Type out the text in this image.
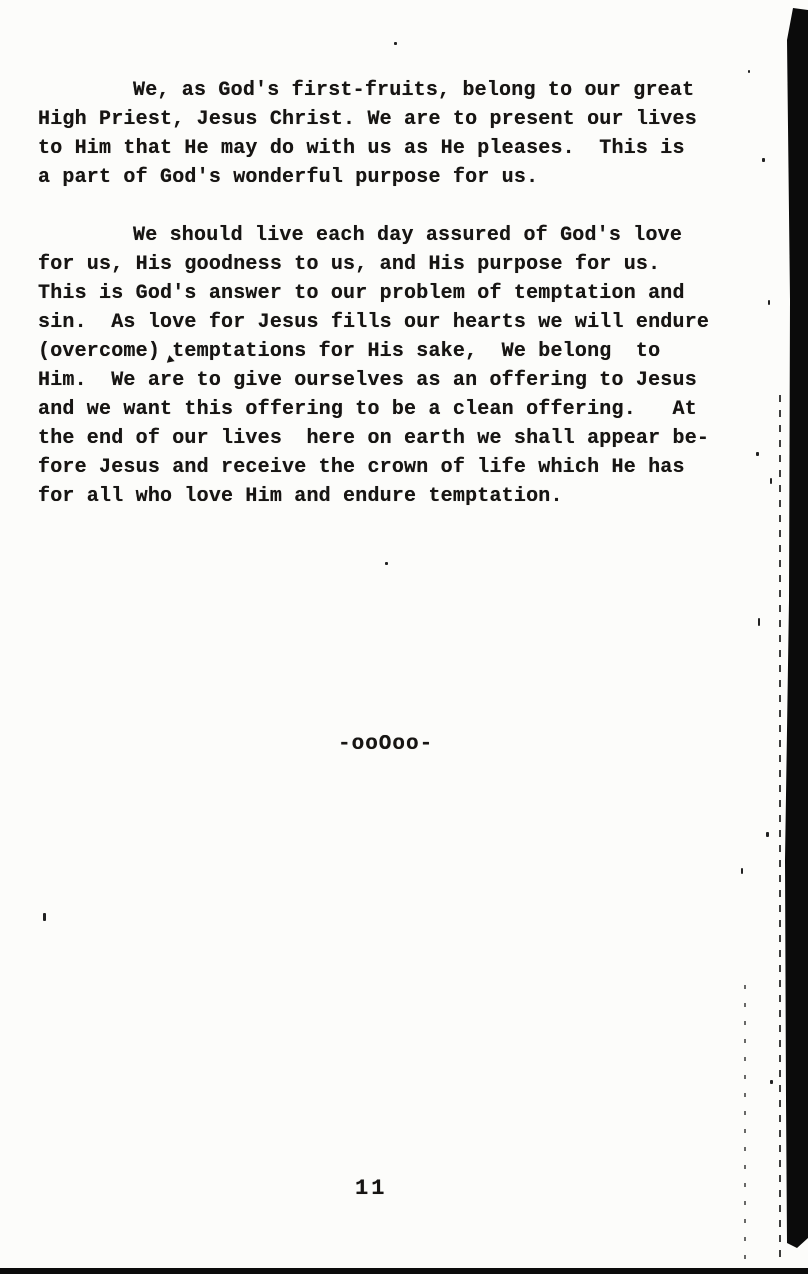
We, as God's first-fruits, belong to our great
High Priest, Jesus Christ. We are to present our lives
to Him that He may do with us as He pleases.  This is
a part of God's wonderful purpose for us.
We should live each day assured of God's love
for us, His goodness to us, and His purpose for us.
This is God's answer to our problem of temptation and
sin.  As love for Jesus fills our hearts we will endure
(overcome) temptations for His sake,  We belong  to
Him.  We are to give ourselves as an offering to Jesus
and we want this offering to be a clean offering.   At
the end of our lives  here on earth we shall appear be-
fore Jesus and receive the crown of life which He has
for all who love Him and endure temptation.
-ooOoo-
11
